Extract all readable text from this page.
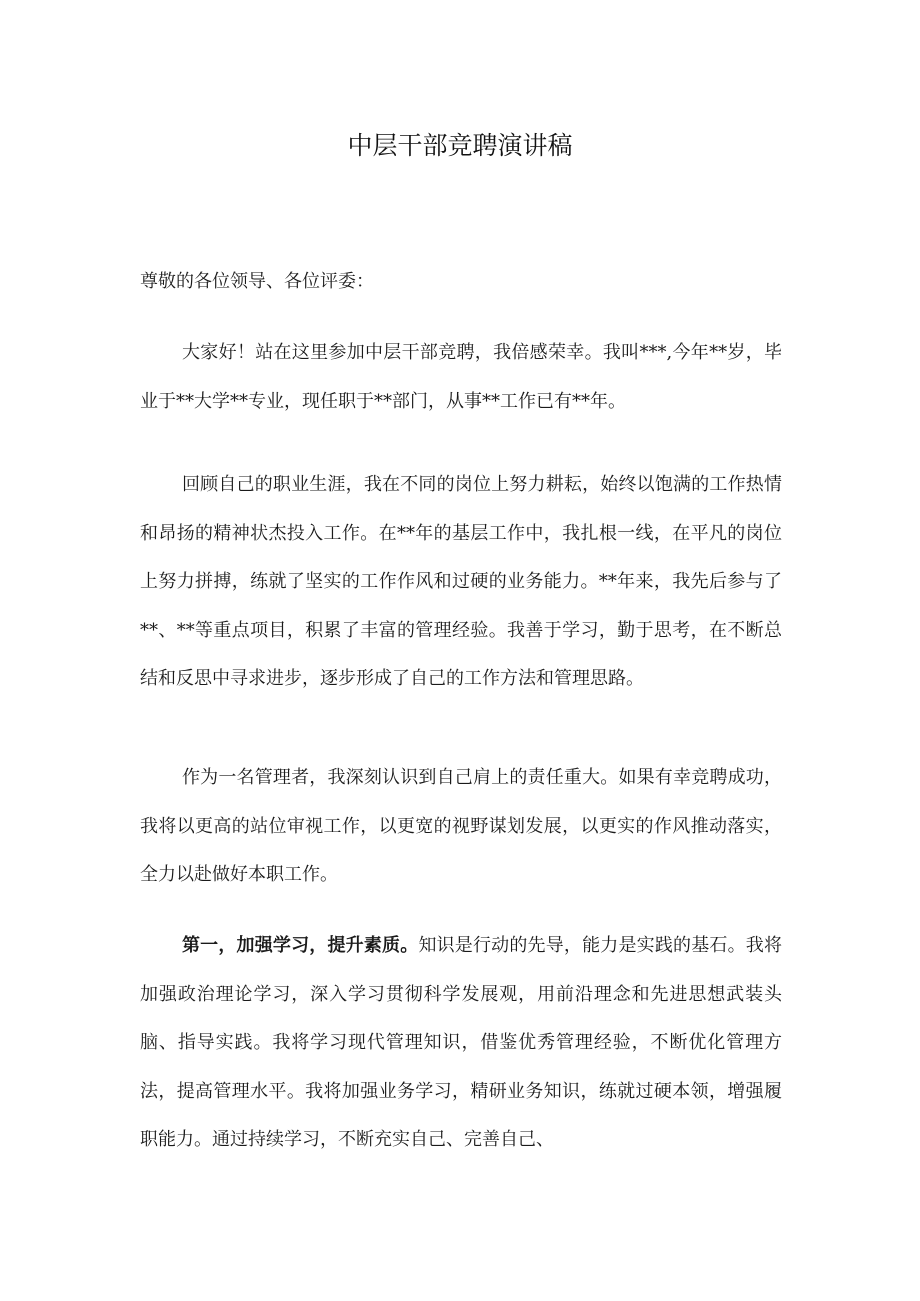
中层干部竞聘演讲稿
尊敬的各位领导、各位评委：

大家好！站在这里参加中层干部竞聘，我倍感荣幸。我叫***,今年**岁，毕业于**大学**专业，现任职于**部门，从事**工作已有**年。

回顾自己的职业生涯，我在不同的岗位上努力耕耘，始终以饱满的工作热情和昂扬的精神状杰投入工作。在**年的基层工作中，我扎根一线，在平凡的岗位上努力拼搏，练就了坚实的工作作风和过硬的业务能力。**年来，我先后参与了**、**等重点项目，积累了丰富的管理经验。我善于学习，勤于思考，在不断总结和反思中寻求进步，逐步形成了自己的工作方法和管理思路。

作为一名管理者，我深刻认识到自己肩上的责任重大。如果有幸竞聘成功，我将以更高的站位审视工作，以更宽的视野谋划发展，以更实的作风推动落实，全力以赴做好本职工作。

第一，加强学习，提升素质。知识是行动的先导，能力是实践的基石。我将加强政治理论学习，深入学习贯彻科学发展观，用前沿理念和先进思想武装头脑、指导实践。我将学习现代管理知识，借鉴优秀管理经验，不断优化管理方法，提高管理水平。我将加强业务学习，精研业务知识，练就过硬本领，增强履职能力。通过持续学习，不断充实自己、完善自己、
